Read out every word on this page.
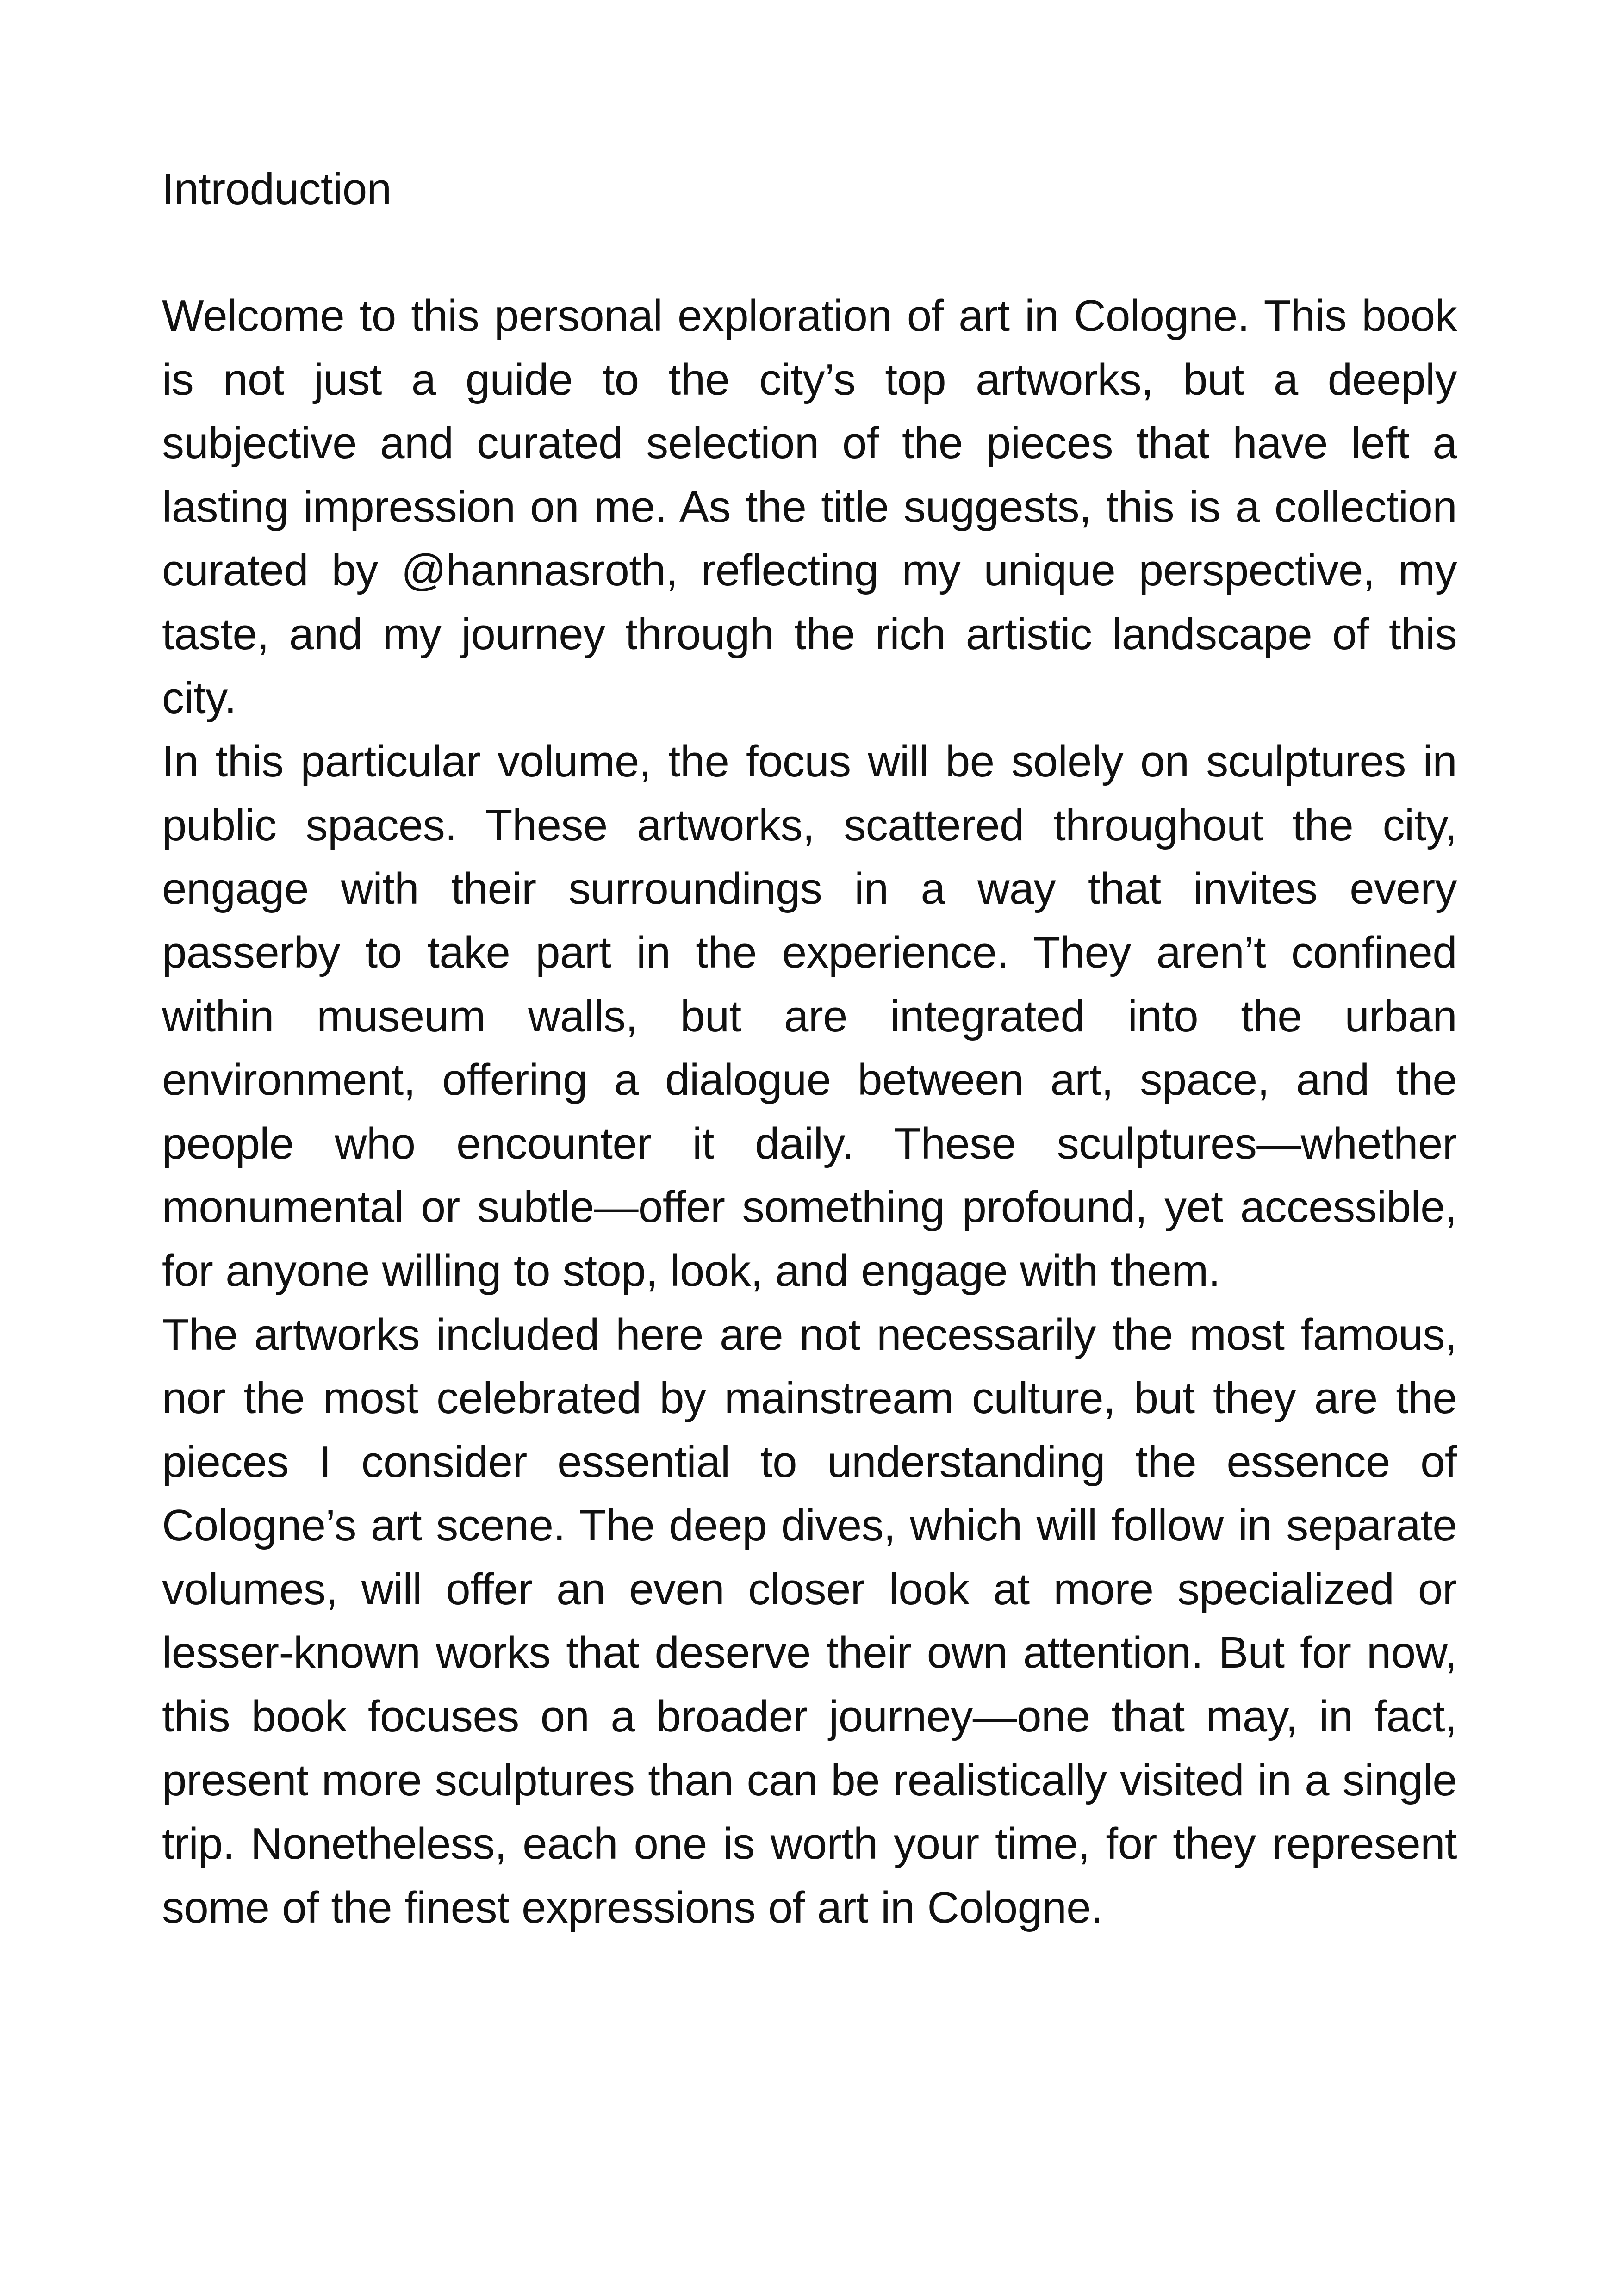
Introduction

Welcome to this personal exploration of art in Cologne. This book is not just a guide to the city’s top artworks, but a deeply subjective and curated selection of the pieces that have left a lasting impression on me. As the title suggests, this is a collection curated by @hannasroth, reflecting my unique perspective, my taste, and my journey through the rich artistic landscape of this city.

In this particular volume, the focus will be solely on sculptures in public spaces. These artworks, scattered throughout the city, engage with their surroundings in a way that invites every passerby to take part in the experience. They aren’t confined within museum walls, but are integrated into the urban environment, offering a dialogue between art, space, and the people who encounter it daily. These sculptures—whether monumental or subtle—offer something profound, yet accessible, for anyone willing to stop, look, and engage with them.

The artworks included here are not necessarily the most famous, nor the most celebrated by mainstream culture, but they are the pieces I consider essential to understanding the essence of Cologne’s art scene. The deep dives, which will follow in separate volumes, will offer an even closer look at more specialized or lesser-known works that deserve their own attention. But for now, this book focuses on a broader journey—one that may, in fact, present more sculptures than can be realistically visited in a single trip. Nonetheless, each one is worth your time, for they represent some of the finest expressions of art in Cologne.
